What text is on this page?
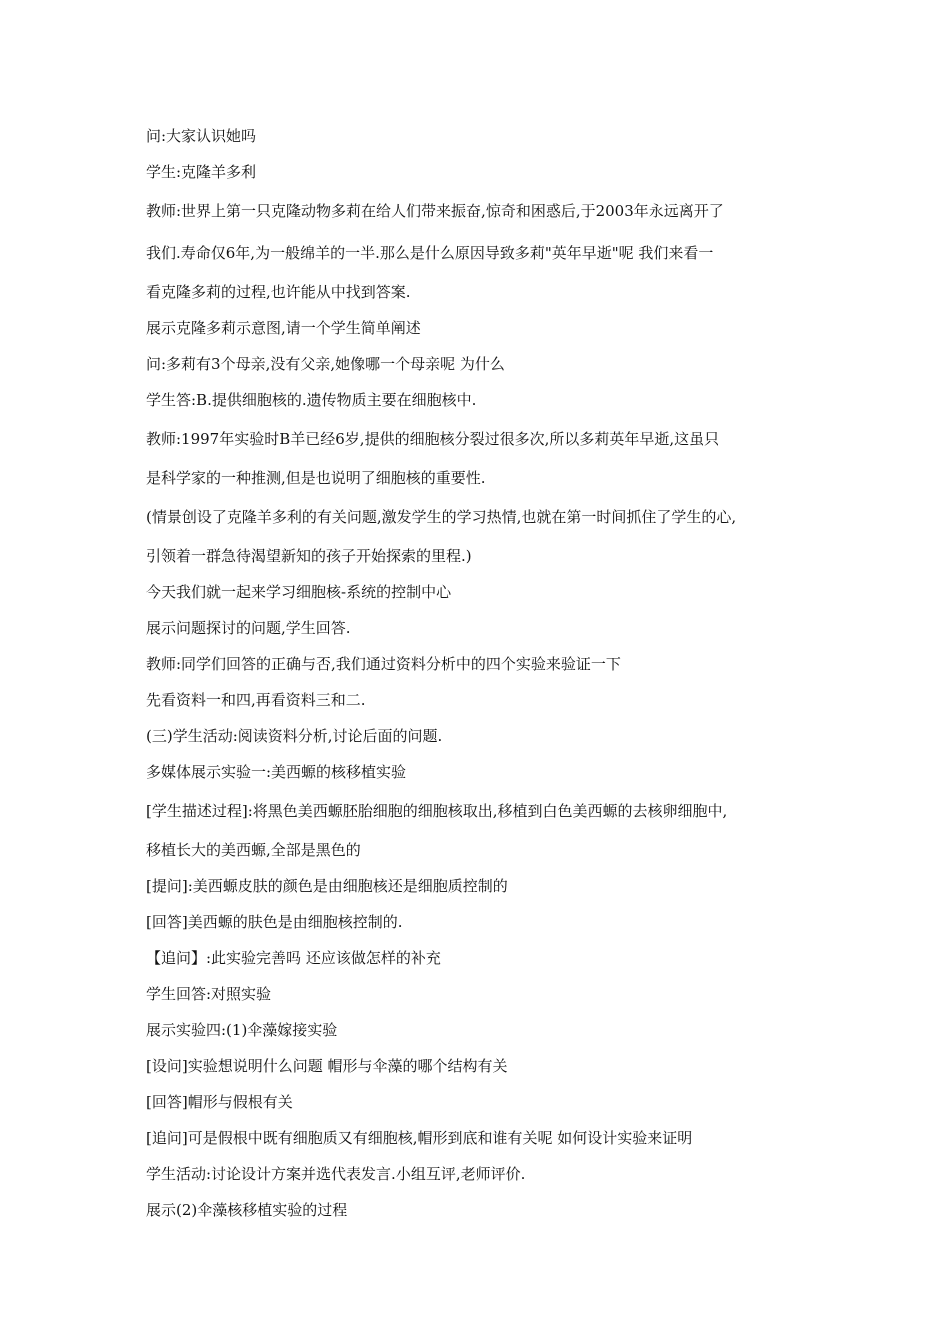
问:大家认识她吗
学生:克隆羊多利
教师:世界上第一只克隆动物多莉在给人们带来振奋,惊奇和困惑后,于2003年永远离开了
我们.寿命仅6年,为一般绵羊的一半.那么是什么原因导致多莉"英年早逝"呢 我们来看一
看克隆多莉的过程,也许能从中找到答案.
展示克隆多莉示意图,请一个学生简单阐述
问:多莉有3个母亲,没有父亲,她像哪一个母亲呢 为什么
学生答:B.提供细胞核的.遗传物质主要在细胞核中.
教师:1997年实验时B羊已经6岁,提供的细胞核分裂过很多次,所以多莉英年早逝,这虽只
是科学家的一种推测,但是也说明了细胞核的重要性.
(情景创设了克隆羊多利的有关问题,激发学生的学习热情,也就在第一时间抓住了学生的心,
引领着一群急待渴望新知的孩子开始探索的里程.)
今天我们就一起来学习细胞核-系统的控制中心
展示问题探讨的问题,学生回答.
教师:同学们回答的正确与否,我们通过资料分析中的四个实验来验证一下
先看资料一和四,再看资料三和二.
(三)学生活动:阅读资料分析,讨论后面的问题.
多媒体展示实验一:美西螈的核移植实验
[学生描述过程]:将黑色美西螈胚胎细胞的细胞核取出,移植到白色美西螈的去核卵细胞中,
移植长大的美西螈,全部是黑色的
[提问]:美西螈皮肤的颜色是由细胞核还是细胞质控制的
[回答]美西螈的肤色是由细胞核控制的.
【追问】:此实验完善吗 还应该做怎样的补充
学生回答:对照实验
展示实验四:(1)伞藻嫁接实验
[设问]实验想说明什么问题 帽形与伞藻的哪个结构有关
[回答]帽形与假根有关
[追问]可是假根中既有细胞质又有细胞核,帽形到底和谁有关呢 如何设计实验来证明
学生活动:讨论设计方案并选代表发言.小组互评,老师评价.
展示(2)伞藻核移植实验的过程
